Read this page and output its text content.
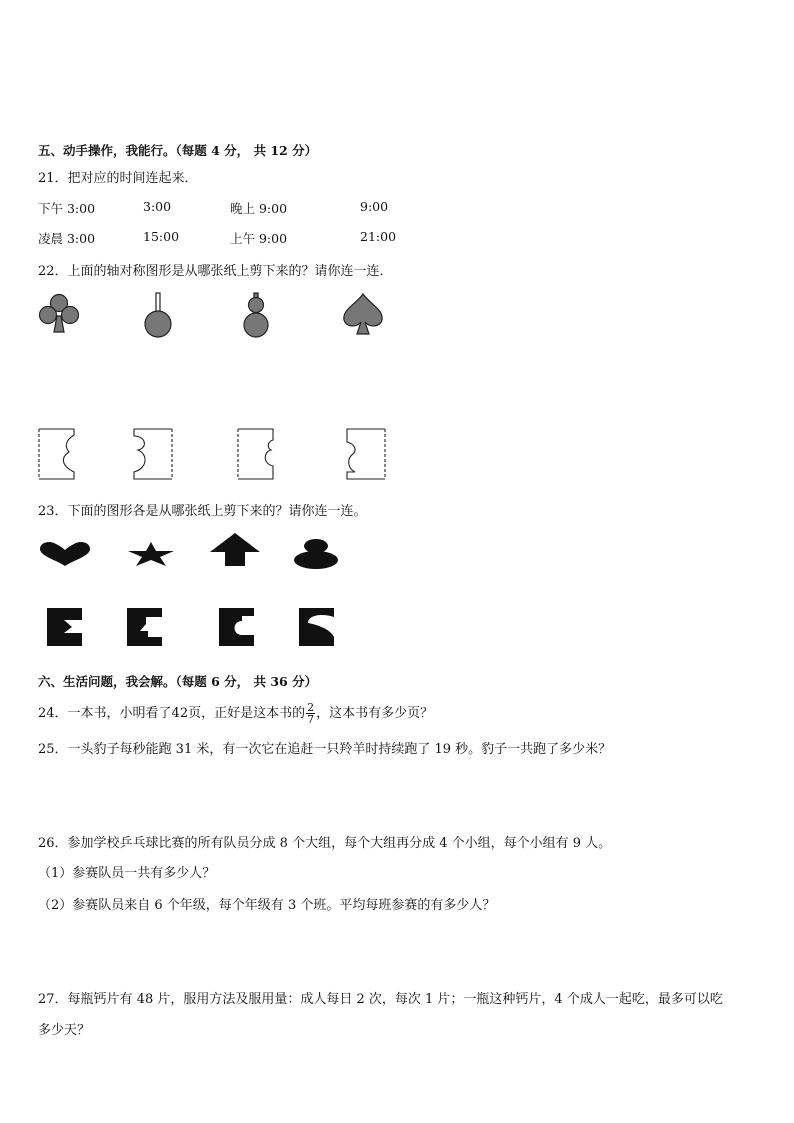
五、动手操作，我能行。（每题 4 分， 共 12 分）
21．把对应的时间连起来．
下午 3:00	3:00	晚上 9:00	9:00
凌晨 3:00	15:00	上午 9:00	21:00
22．上面的轴对称图形是从哪张纸上剪下来的？请你连一连．
23．下面的图形各是从哪张纸上剪下来的？请你连一连。
六、生活问题，我会解。（每题 6 分， 共 36 分）
24．一本书，小明看了42页，正好是这本书的 $\frac{2}{7}$ ，这本书有多少页？
25．一头豹子每秒能跑 31 米，有一次它在追赶一只羚羊时持续跑了 19 秒。豹子一共跑了多少米？
26．参加学校乒乓球比赛的所有队员分成 8 个大组，每个大组再分成 4 个小组，每个小组有 9 人。
（1）参赛队员一共有多少人？
（2）参赛队员来自 6 个年级，每个年级有 3 个班。平均每班参赛的有多少人？
27．每瓶钙片有 48 片，服用方法及服用量：成人每日 2 次，每次 1 片；一瓶这种钙片，4 个成人一起吃，最多可以吃
多少天？
